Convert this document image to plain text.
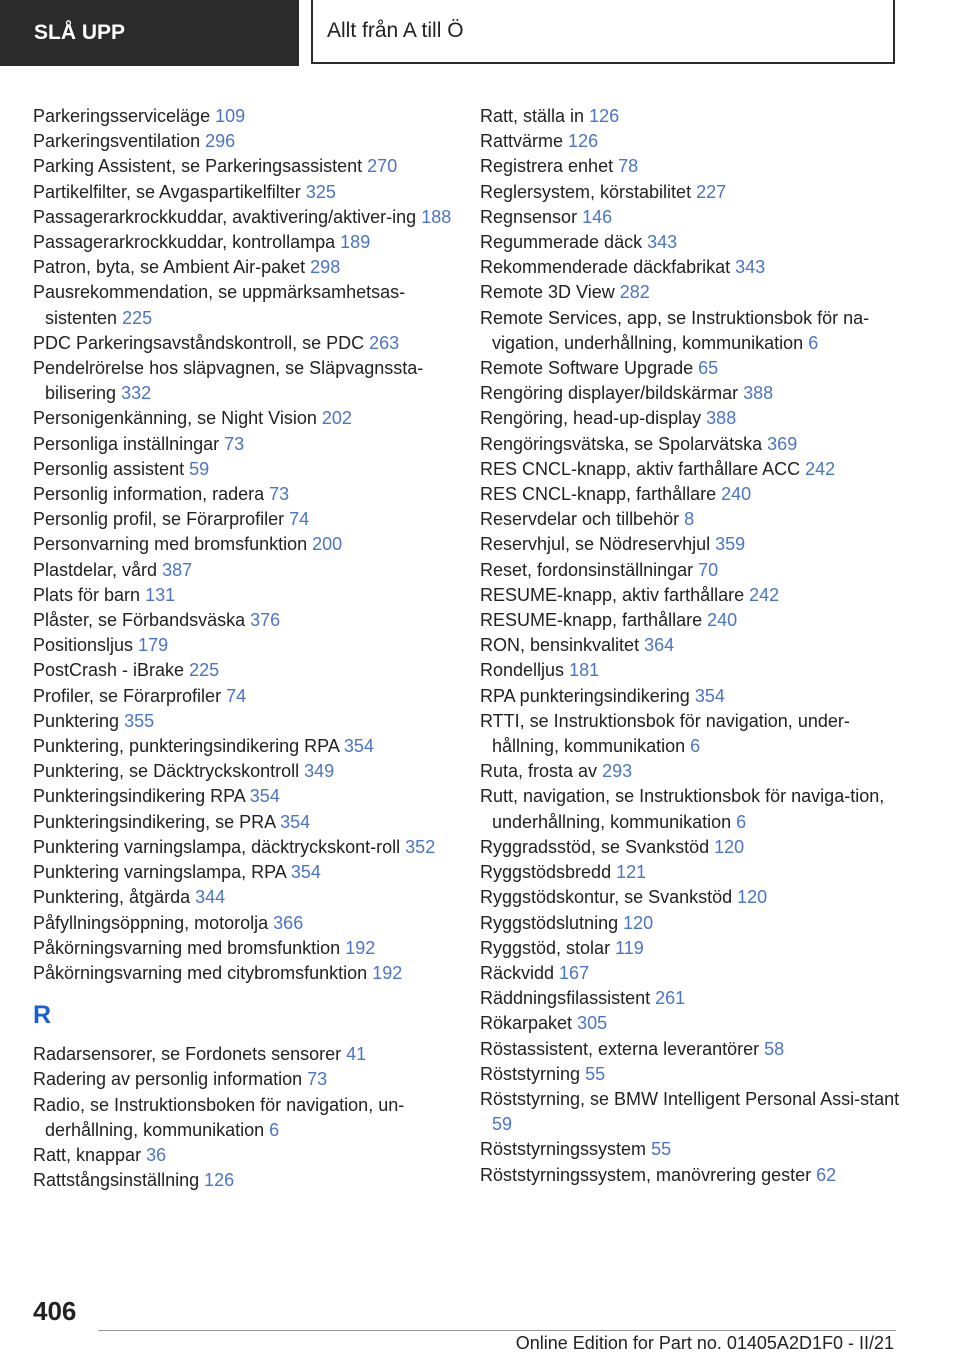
SLÅ UPP	Allt från A till Ö
Parkeringsserviceläge 109
Parkeringsventilation 296
Parking Assistent, se Parkeringsassistent 270
Partikelfilter, se Avgaspartikelfilter 325
Passagerarkrockkuddar, avaktivering/aktiver-ing 188
Passagerarkrockkuddar, kontrollampa 189
Patron, byta, se Ambient Air-paket 298
Pausrekommendation, se uppmärksamhetsas-sistenten 225
PDC Parkeringsavståndskontroll, se PDC 263
Pendelrörelse hos släpvagnen, se Släpvagnssta-bilisering 332
Personigenkänning, se Night Vision 202
Personliga inställningar 73
Personlig assistent 59
Personlig information, radera 73
Personlig profil, se Förarprofiler 74
Personvarning med bromsfunktion 200
Plastdelar, vård 387
Plats för barn 131
Plåster, se Förbandsväska 376
Positionsljus 179
PostCrash - iBrake 225
Profiler, se Förarprofiler 74
Punktering 355
Punktering, punkteringsindikering RPA 354
Punktering, se Däcktryckskontroll 349
Punkteringsindikering RPA 354
Punkteringsindikering, se PRA 354
Punktering varningslampa, däcktryckskont-roll 352
Punktering varningslampa, RPA 354
Punktering, åtgärda 344
Påfyllningsöppning, motorolja 366
Påkörningsvarning med bromsfunktion 192
Påkörningsvarning med citybromsfunktion 192
R
Radarsensorer, se Fordonets sensorer 41
Radering av personlig information 73
Radio, se Instruktionsboken för navigation, un-derhållning, kommunikation 6
Ratt, knappar 36
Rattstångsinställning 126
Ratt, ställa in 126
Rattvärme 126
Registrera enhet 78
Reglersystem, körstabilitet 227
Regnsensor 146
Regummerade däck 343
Rekommenderade däckfabrikat 343
Remote 3D View 282
Remote Services, app, se Instruktionsbok för na-vigation, underhållning, kommunikation 6
Remote Software Upgrade 65
Rengöring displayer/bildskärmar 388
Rengöring, head-up-display 388
Rengöringsvätska, se Spolarvätska 369
RES CNCL-knapp, aktiv farthållare ACC 242
RES CNCL-knapp, farthållare 240
Reservdelar och tillbehör 8
Reservhjul, se Nödreservhjul 359
Reset, fordonsinställningar 70
RESUME-knapp, aktiv farthållare 242
RESUME-knapp, farthållare 240
RON, bensinkvalitet 364
Rondelljus 181
RPA punkteringsindikering 354
RTTI, se Instruktionsbok för navigation, under-hållning, kommunikation 6
Ruta, frosta av 293
Rutt, navigation, se Instruktionsbok för naviga-tion, underhållning, kommunikation 6
Ryggradsstöd, se Svankstöd 120
Ryggstödsbredd 121
Ryggstödskontur, se Svankstöd 120
Ryggstödslutning 120
Ryggstöd, stolar 119
Räckvidd 167
Räddningsfilassistent 261
Rökarpaket 305
Röstassistent, externa leverantörer 58
Röststyrning 55
Röststyrning, se BMW Intelligent Personal Assi-stant 59
Röststyrningssystem 55
Röststyrningssystem, manövrering gester 62
406
Online Edition for Part no. 01405A2D1F0 - II/21
